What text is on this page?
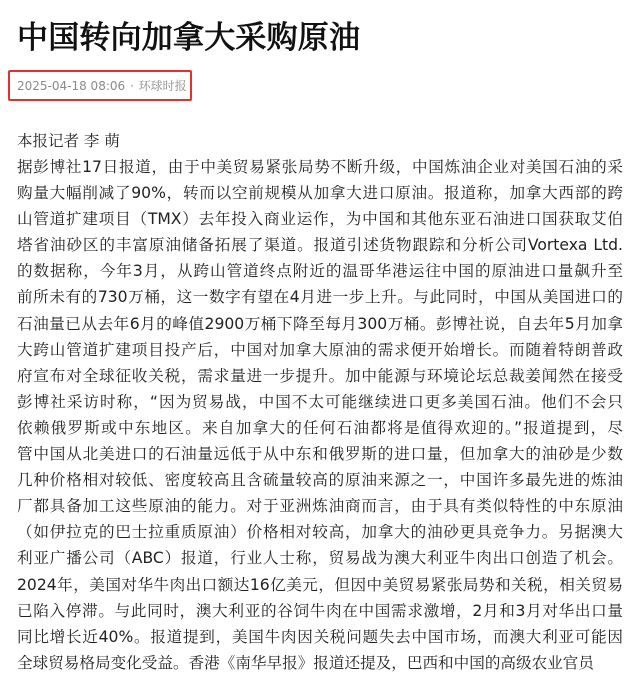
中国转向加拿大采购原油
2025-04-18 08:06 · 环球时报
本报记者 李 萌
据彭博社17日报道，由于中美贸易紧张局势不断升级，中国炼油企业对美国石油的采
购量大幅削减了90%，转而以空前规模从加拿大进口原油。报道称，加拿大西部的跨
山管道扩建项目（TMX）去年投入商业运作，为中国和其他东亚石油进口国获取艾伯
塔省油砂区的丰富原油储备拓展了渠道。报道引述货物跟踪和分析公司Vortexa Ltd.
的数据称，今年3月，从跨山管道终点附近的温哥华港运往中国的原油进口量飙升至
前所未有的730万桶，这一数字有望在4月进一步上升。与此同时，中国从美国进口的
石油量已从去年6月的峰值2900万桶下降至每月300万桶。彭博社说，自去年5月加拿
大跨山管道扩建项目投产后，中国对加拿大原油的需求便开始增长。而随着特朗普政
府宣布对全球征收关税，需求量进一步提升。加中能源与环境论坛总裁姜闻然在接受
彭博社采访时称，“因为贸易战，中国不太可能继续进口更多美国石油。他们不会只
依赖俄罗斯或中东地区。来自加拿大的任何石油都将是值得欢迎的。”报道提到，尽
管中国从北美进口的石油量远低于从中东和俄罗斯的进口量，但加拿大的油砂是少数
几种价格相对较低、密度较高且含硫量较高的原油来源之一，中国许多最先进的炼油
厂都具备加工这些原油的能力。对于亚洲炼油商而言，由于具有类似特性的中东原油
（如伊拉克的巴士拉重质原油）价格相对较高，加拿大的油砂更具竞争力。另据澳大
利亚广播公司（ABC）报道，行业人士称，贸易战为澳大利亚牛肉出口创造了机会。
2024年，美国对华牛肉出口额达16亿美元，但因中美贸易紧张局势和关税，相关贸易
已陷入停滞。与此同时，澳大利亚的谷饲牛肉在中国需求激增，2月和3月对华出口量
同比增长近40%。报道提到，美国牛肉因关税问题失去中国市场，而澳大利亚可能因
全球贸易格局变化受益。香港《南华早报》报道还提及，巴西和中国的高级农业官员
